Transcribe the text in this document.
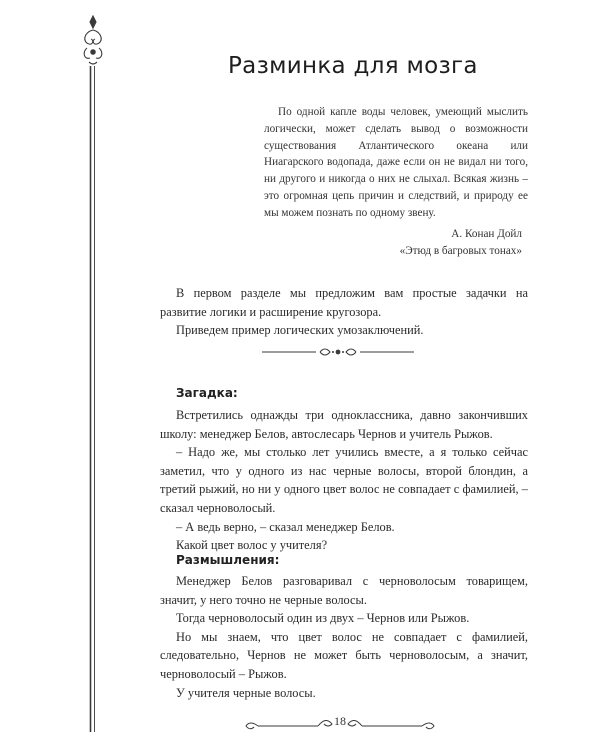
Разминка для мозга
По одной капле воды человек, умеющий мыслить логически, может сделать вывод о возможности существования Атлантического океана или Ниагарского водопада, даже если он не видал ни того, ни другого и никогда о них не слыхал. Всякая жизнь – это огромная цепь причин и следствий, и природу ее мы можем познать по одному звену.
А. Конан Дойл
«Этюд в багровых тонах»

В первом разделе мы предложим вам простые задачки на развитие логики и расширение кругозора.

Приведем пример логических умозаключений.

Загадка:

Встретились однажды три одноклассника, давно закончивших школу: менеджер Белов, автослесарь Чернов и учитель Рыжов.

– Надо же, мы столько лет учились вместе, а я только сейчас заметил, что у одного из нас черные волосы, второй блондин, а третий рыжий, но ни у одного цвет волос не совпадает с фамилией, – сказал черноволосый.

– А ведь верно, – сказал менеджер Белов.

Какой цвет волос у учителя?

Размышления:

Менеджер Белов разговаривал с черноволосым товарищем, значит, у него точно не черные волосы.

Тогда черноволосый один из двух – Чернов или Рыжов.

Но мы знаем, что цвет волос не совпадает с фамилией, следовательно, Чернов не может быть черноволосым, а значит, черноволосый – Рыжов.

У учителя черные волосы.

18
